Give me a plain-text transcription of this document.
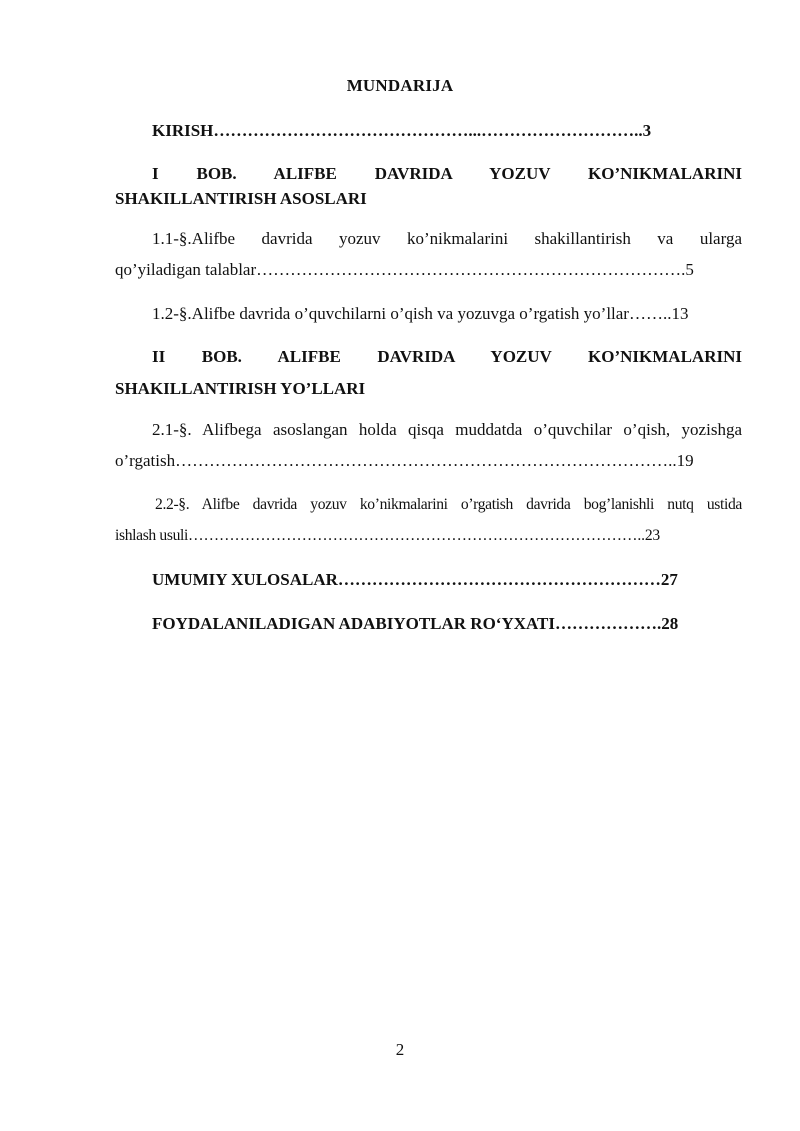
MUNDARIJA
KIRISH………………………………………...………………………..3
I BOB. ALIFBE DAVRIDA YOZUV KO’NIKMALARINI
SHAKILLANTIRISH ASOSLARI
1.1-§.Alifbe davrida yozuv ko’nikmalarini shakillantirish va ularga
qo’yiladigan talablar………………………………………………………………….5
1.2-§.Alifbe davrida o’quvchilarni o’qish va yozuvga o’rgatish yo’llar……..13
II BOB. ALIFBE DAVRIDA YOZUV KO’NIKMALARINI
SHAKILLANTIRISH YO’LLARI
2.1-§. Alifbega asoslangan holda qisqa muddatda o’quvchilar o’qish, yozishga
o’rgatish……………………………………………………………………………..19
2.2-§. Alifbe davrida yozuv ko’nikmalarini o’rgatish davrida bog’lanishli nutq ustida
ishlash usuli……………………………………………………………………………..23
UMUMIY XULOSALAR…………………………………………………27
FOYDALANILADIGAN ADABIYOTLAR RO‘YXATI……………….28
2
